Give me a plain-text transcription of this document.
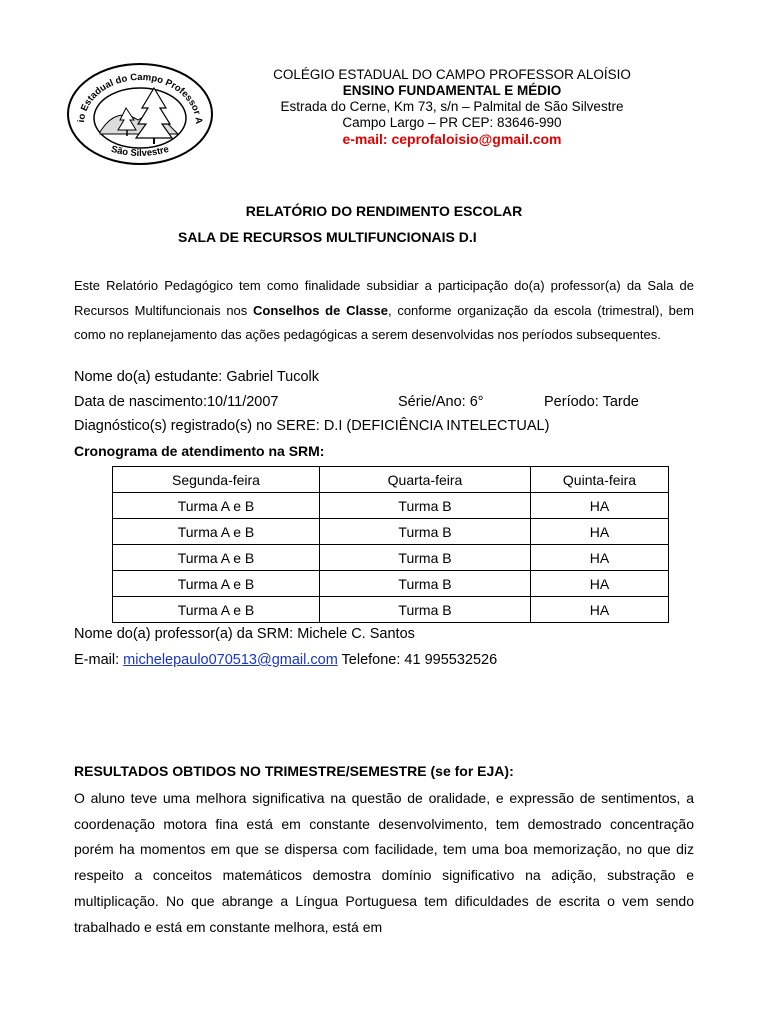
io Estadual do Campo Professor A
São Silvestre
COLÉGIO ESTADUAL DO CAMPO PROFESSOR ALOÍSIO
ENSINO FUNDAMENTAL E MÉDIO
Estrada do Cerne, Km 73, s/n – Palmital de São Silvestre
Campo Largo – PR CEP: 83646-990
e-mail: ceprofaloisio@gmail.com
RELATÓRIO DO RENDIMENTO ESCOLAR
SALA DE RECURSOS MULTIFUNCIONAIS D.I
Este Relatório Pedagógico tem como finalidade subsidiar a participação do(a) professor(a) da Sala de Recursos Multifuncionais nos Conselhos de Classe, conforme organização da escola (trimestral), bem como no replanejamento das ações pedagógicas a serem desenvolvidas nos períodos subsequentes.
Nome do(a) estudante: Gabriel Tucolk
Data de nascimento:10/11/2007	Série/Ano: 6°	Período: Tarde
Diagnóstico(s) registrado(s) no SERE: D.I (DEFICIÊNCIA INTELECTUAL)
Cronograma de atendimento na SRM:
Segunda-feira	Quarta-feira	Quinta-feira
Turma A e B	Turma B	HA
Turma A e B	Turma B	HA
Turma A e B	Turma B	HA
Turma A e B	Turma B	HA
Turma A e B	Turma B	HA
Nome do(a) professor(a) da SRM: Michele C. Santos
E-mail: michelepaulo070513@gmail.com Telefone: 41 995532526
RESULTADOS OBTIDOS NO TRIMESTRE/SEMESTRE (se for EJA):
O aluno teve uma melhora significativa na questão de oralidade, e expressão de sentimentos, a coordenação motora fina está em constante desenvolvimento, tem demostrado concentração porém ha momentos em que se dispersa com facilidade, tem uma boa memorização, no que diz respeito a conceitos matemáticos demostra domínio significativo na adição, substração e multiplicação. No que abrange a Língua Portuguesa tem dificuldades de escrita o vem sendo trabalhado e está em constante melhora, está em
